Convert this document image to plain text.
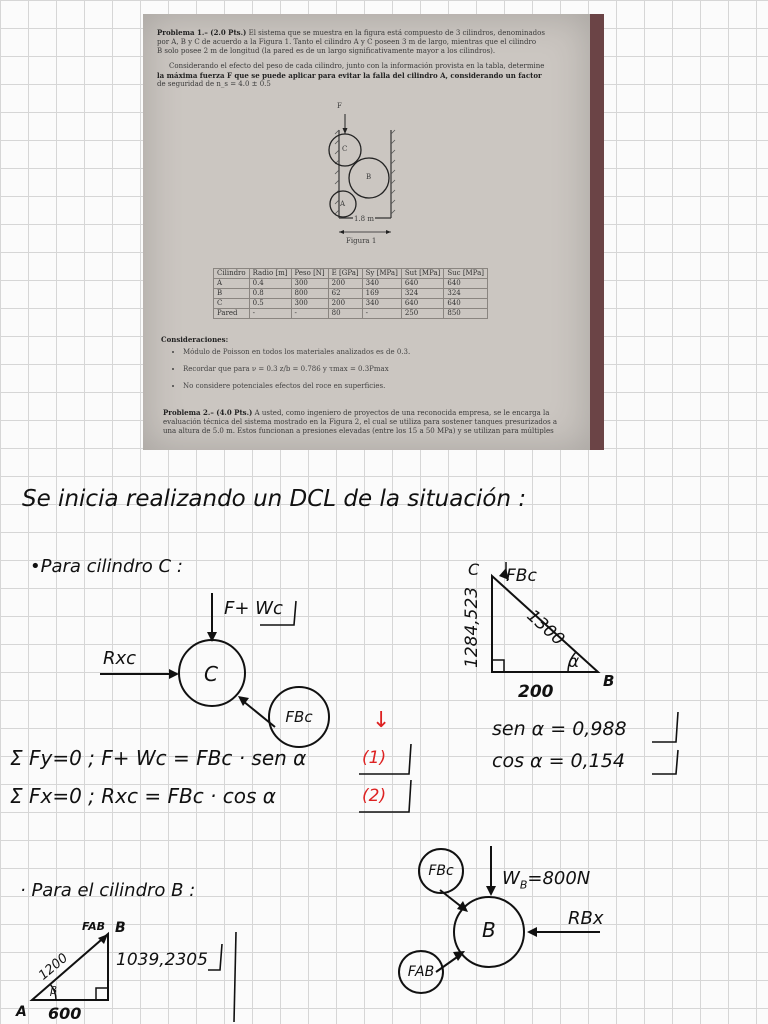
Problema 1.– (2.0 Pts.) El sistema que se muestra en la figura está compuesto de 3 cilindros, denominados
por A, B y C de acuerdo a la Figura 1. Tanto el cilindro A y C poseen 3 m de largo, mientras que el cilindro
B solo posee 2 m de longitud (la pared es de un largo significativamente mayor a los cilindros).
Considerando el efecto del peso de cada cilindro, junto con la información provista en la tabla, determine
la máxima fuerza F que se puede aplicar para evitar la falla del cilindro A, considerando un factor
de seguridad de n_s = 4.0 ± 0.5
F
C
B
A
1.8 m
Figura 1
Cilindro	Radio [m]	Peso [N]	E [GPa]	Sy [MPa]	Sut [MPa]	Suc [MPa]
A	0.4	300	200	340	640	640
B	0.8	800	62	169	324	324
C	0.5	300	200	340	640	640
Pared	-	-	80	-	250	850
Consideraciones:
• Módulo de Poisson en todos los materiales analizados es de 0.3.
• Recordar que para ν = 0.3 z/b = 0.786 y τmax = 0.3Pmax
• No considere potenciales efectos del roce en superficies.
Problema 2.– (4.0 Pts.) A usted, como ingeniero de proyectos de una reconocida empresa, se le encarga la
evaluación técnica del sistema mostrado en la Figura 2, el cual se utiliza para sostener tanques presurizados a
una altura de 5.0 m. Estos funcionan a presiones elevadas (entre los 15 a 50 MPa) y se utilizan para múltiples
Se inicia realizando un DCL de la situación :
•Para cilindro C :
F+ Wc
Rxc
C
FBc
C FBc
1300
1284,523
200
B
α
sen α = 0,988
cos α = 0,154
↓
Σ Fy=0 ; F+ Wc = FBc · sen α	(1)
Σ Fx=0 ; Rxc = FBc · cos α	(2)
· Para el cilindro B :
FBc	$W_B=800N$
RBx
B
FAB
FAB B
1200	1039,2305
600
A
β
